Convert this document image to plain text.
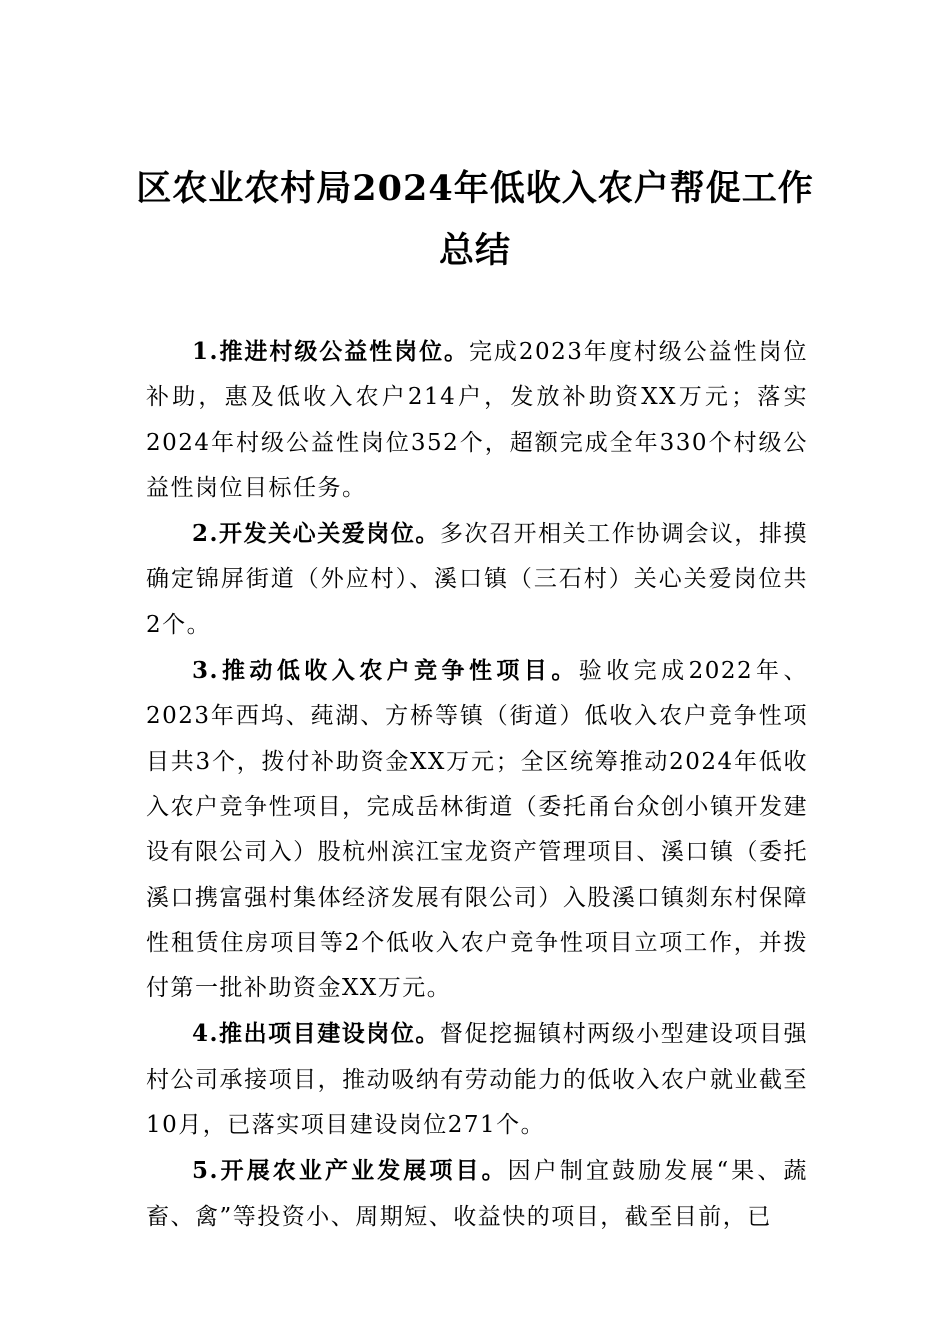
区农业农村局2024年低收入农户帮促工作
总结

1.推进村级公益性岗位。完成2023年度村级公益性岗位补助，惠及低收入农户214户，发放补助资XX万元；落实2024年村级公益性岗位352个，超额完成全年330个村级公益性岗位目标任务。

2.开发关心关爱岗位。多次召开相关工作协调会议，排摸确定锦屏街道（外应村）、溪口镇（三石村）关心关爱岗位共2个。

3.推动低收入农户竞争性项目。验收完成2022年、2023年西坞、莼湖、方桥等镇（街道）低收入农户竞争性项目共3个，拨付补助资金XX万元；全区统筹推动2024年低收入农户竞争性项目，完成岳林街道（委托甬台众创小镇开发建设有限公司入）股杭州滨江宝龙资产管理项目、溪口镇（委托溪口携富强村集体经济发展有限公司）入股溪口镇剡东村保障性租赁住房项目等2个低收入农户竞争性项目立项工作，并拨付第一批补助资金XX万元。

4.推出项目建设岗位。督促挖掘镇村两级小型建设项目强村公司承接项目，推动吸纳有劳动能力的低收入农户就业截至10月，已落实项目建设岗位271个。

5.开展农业产业发展项目。因户制宜鼓励发展“果、蔬畜、禽”等投资小、周期短、收益快的项目，截至目前，已
